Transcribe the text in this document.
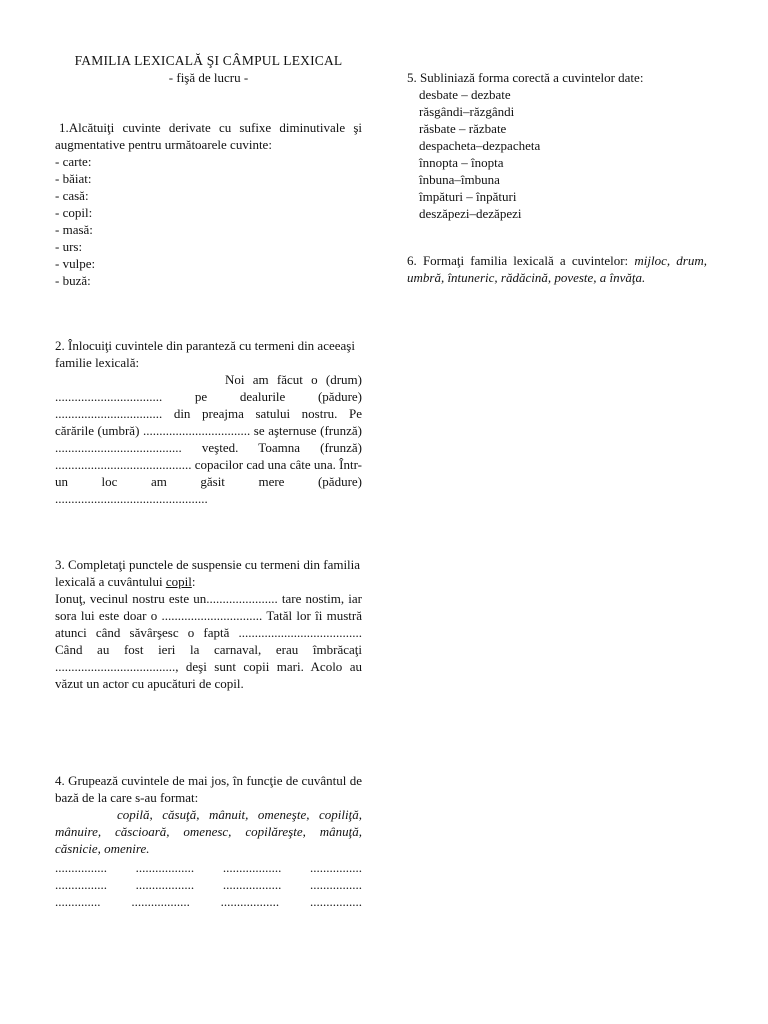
FAMILIA LEXICALĂ ŞI CÂMPUL LEXICAL
- fişă de lucru -
1.Alcătuiţi cuvinte derivate cu sufixe diminutivale şi augmentative pentru următoarele cuvinte:
- carte:
- băiat:
- casă:
- copil:
- masă:
- urs:
- vulpe:
- buză:
2. Înlocuiţi cuvintele din paranteză cu termeni din aceeaşi familie lexicală:
Noi am făcut o (drum) ................................. pe dealurile (pădure) ................................. din preajma satului nostru. Pe cărările (umbră) ................................. se aşternuse (frunză) ....................................... veşted. Toamna (frunză) .......................................... copacilor cad una câte una. Într-un loc am găsit mere (pădure) ...............................................
3. Completaţi punctele de suspensie cu termeni din familia lexicală a cuvântului copil:
Ionuţ, vecinul nostru este un...................... tare nostim, iar sora lui este doar o ............................... Tatăl lor îi mustră atunci când săvârşesc o faptă ...................................... Când au fost ieri la carnaval, erau îmbrăcaţi ....................................., deşi sunt copii mari. Acolo au văzut un actor cu apucături de copil.
4. Grupează cuvintele de mai jos, în funcţie de cuvântul de bază de la care s-au format:
copilă, căsuţă, mânuit, omeneşte, copiliţă, mânuire, căscioară, omenesc, copilăreşte, mânuţă, căsnicie, omenire.
................ .................. .................. ................
................ .................. .................. ................
.............. .................. .................. ................
5. Subliniază forma corectă a cuvintelor date:
desbate – dezbate
răsgândi–răzgândi
răsbate – răzbate
despacheta–dezpacheta
înnopta – înopta
înbuna–îmbuna
împături – înpături
deszăpezi–dezăpezi
6. Formaţi familia lexicală a cuvintelor: mijloc, drum, umbră, întuneric, rădăcină, poveste, a învăţa.
